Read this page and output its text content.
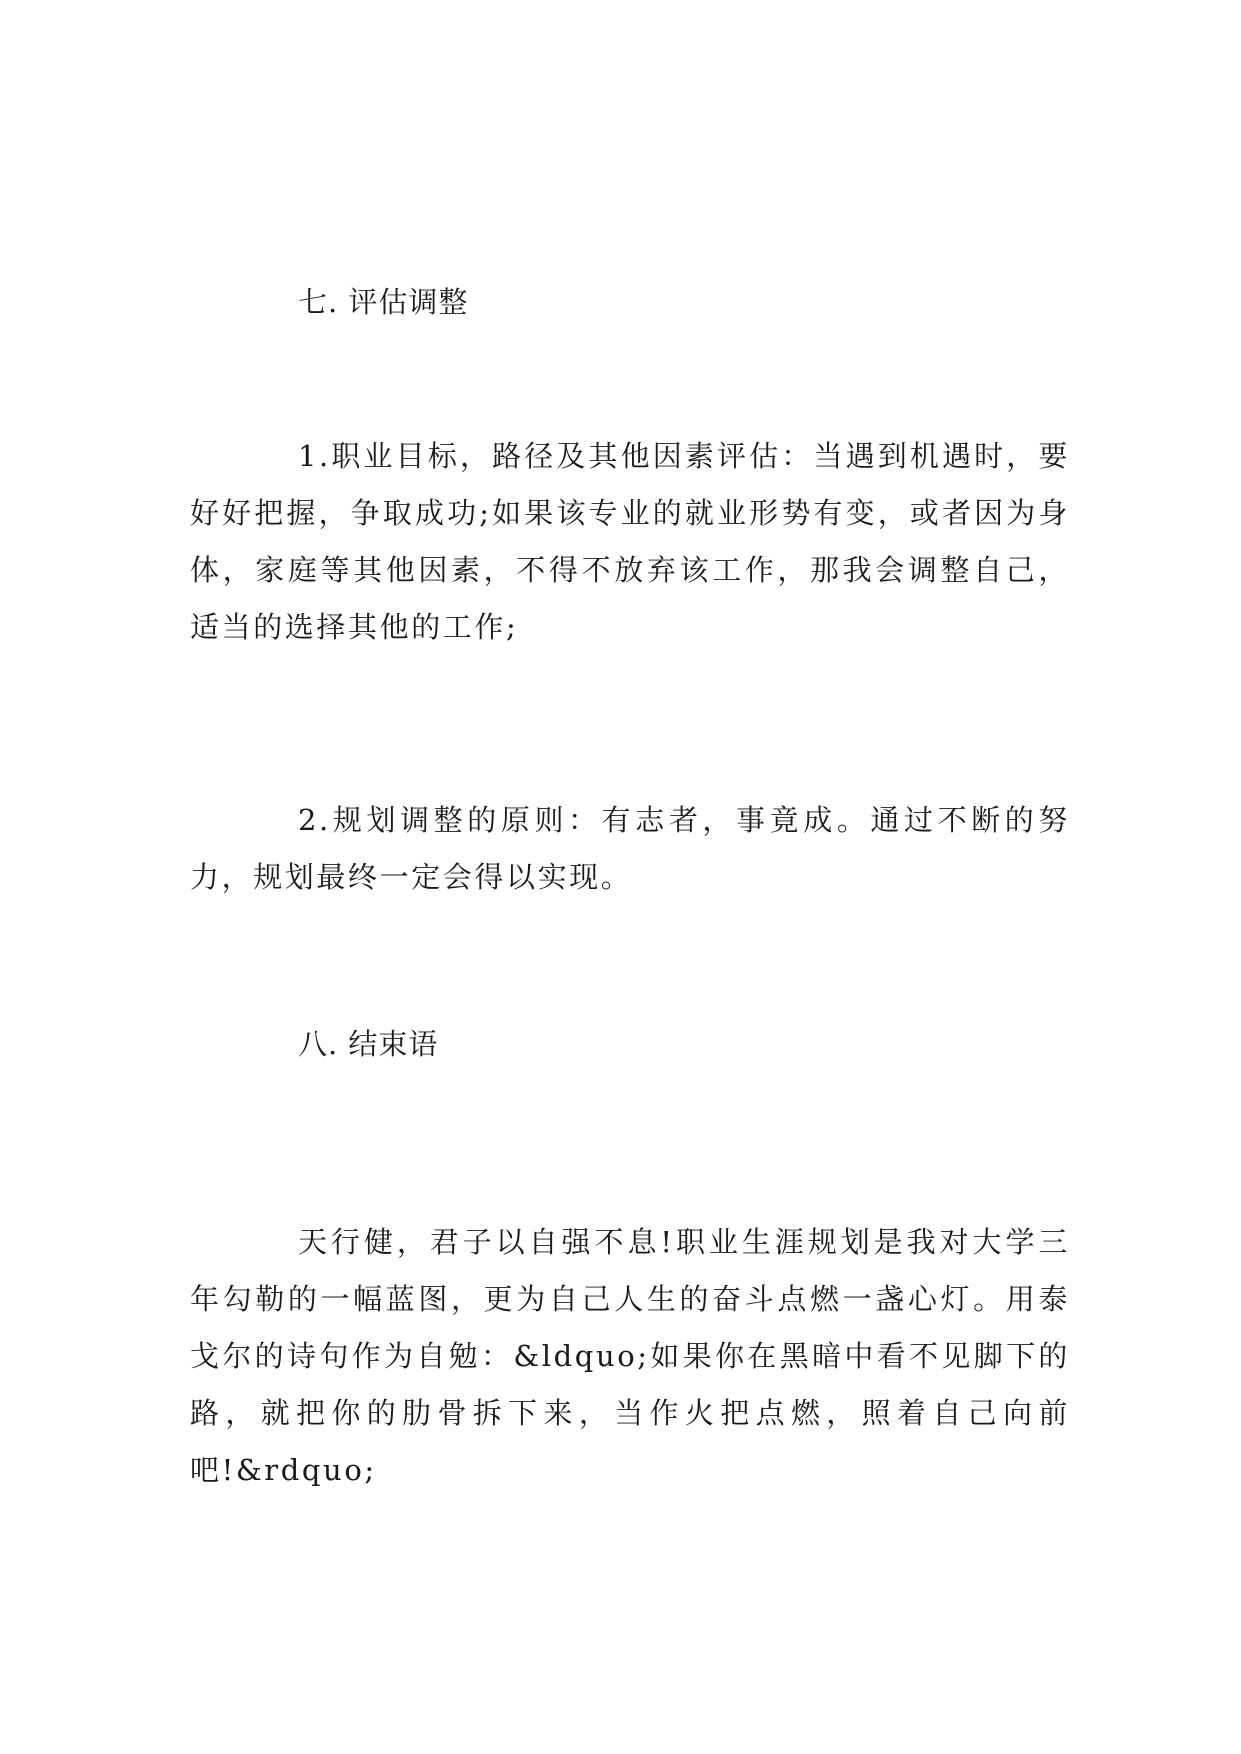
七. 评估调整

1.职业目标，路径及其他因素评估：当遇到机遇时，要好好把握，争取成功;如果该专业的就业形势有变，或者因为身体，家庭等其他因素，不得不放弃该工作，那我会调整自己，适当的选择其他的工作;

2.规划调整的原则：有志者，事竟成。通过不断的努力，规划最终一定会得以实现。

八. 结束语

天行健，君子以自强不息!职业生涯规划是我对大学三年勾勒的一幅蓝图，更为自己人生的奋斗点燃一盏心灯。用泰戈尔的诗句作为自勉：&ldquo;如果你在黑暗中看不见脚下的路，就把你的肋骨拆下来，当作火把点燃，照着自己向前吧!&rdquo;
